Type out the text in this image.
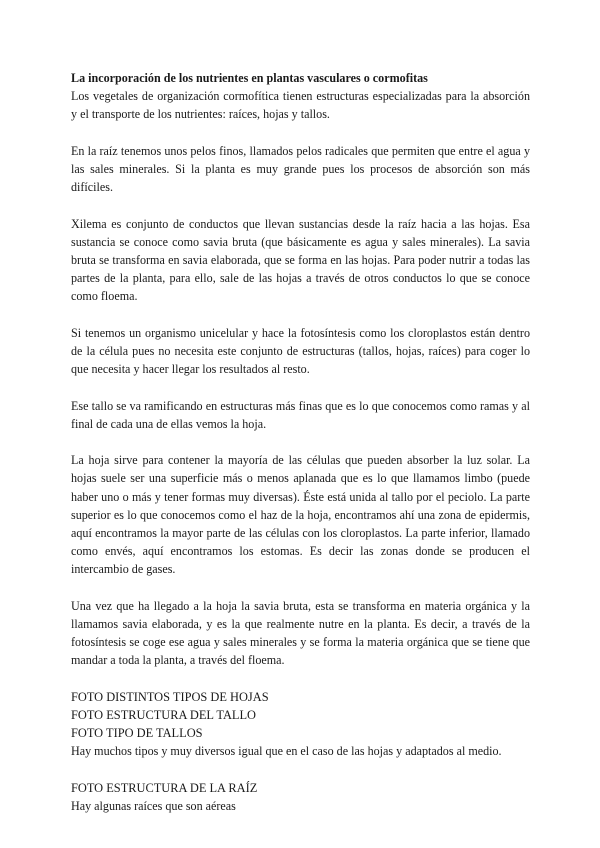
La incorporación de los nutrientes en plantas vasculares o cormofitas

Los vegetales de organización cormofítica tienen estructuras especializadas para la absorción y el transporte de los nutrientes: raíces, hojas y tallos.

En la raíz tenemos unos pelos finos, llamados pelos radicales que permiten que entre el agua y las sales minerales. Si la planta es muy grande pues los procesos de absorción son más difíciles.

Xilema es conjunto de conductos que llevan sustancias desde la raíz hacia a las hojas. Esa sustancia se conoce como savia bruta (que básicamente es agua y sales minerales). La savia bruta se transforma en savia elaborada, que se forma en las hojas. Para poder nutrir a todas las partes de la planta, para ello, sale de las hojas a través de otros conductos lo que se conoce como floema.

Si tenemos un organismo unicelular y hace la fotosíntesis como los cloroplastos están dentro de la célula pues no necesita este conjunto de estructuras (tallos, hojas, raíces) para coger lo que necesita y hacer llegar los resultados al resto.

Ese tallo se va ramificando en estructuras más finas que es lo que conocemos como ramas y al final de cada una de ellas vemos la hoja.

La hoja sirve para contener la mayoría de las células que pueden absorber la luz solar. La hojas suele ser una superficie más o menos aplanada que es lo que llamamos limbo (puede haber uno o más y tener formas muy diversas). Éste está unida al tallo por el peciolo. La parte superior es lo que conocemos como el haz de la hoja, encontramos ahí una zona de epidermis, aquí encontramos la mayor parte de las células con los cloroplastos. La parte inferior, llamado como envés, aquí encontramos los estomas. Es decir las zonas donde se producen el intercambio de gases.

Una vez que ha llegado a la hoja la savia bruta, esta se transforma en materia orgánica y la llamamos savia elaborada, y es la que realmente nutre en la planta. Es decir, a través de la fotosíntesis se coge ese agua y sales minerales y se forma la materia orgánica que se tiene que mandar a toda la planta, a través del floema.

FOTO DISTINTOS TIPOS DE HOJAS

FOTO ESTRUCTURA DEL TALLO

FOTO TIPO DE TALLOS

Hay muchos tipos y muy diversos igual que en el caso de las hojas y adaptados al medio.

FOTO ESTRUCTURA DE LA RAÍZ

Hay algunas raíces que son aéreas
